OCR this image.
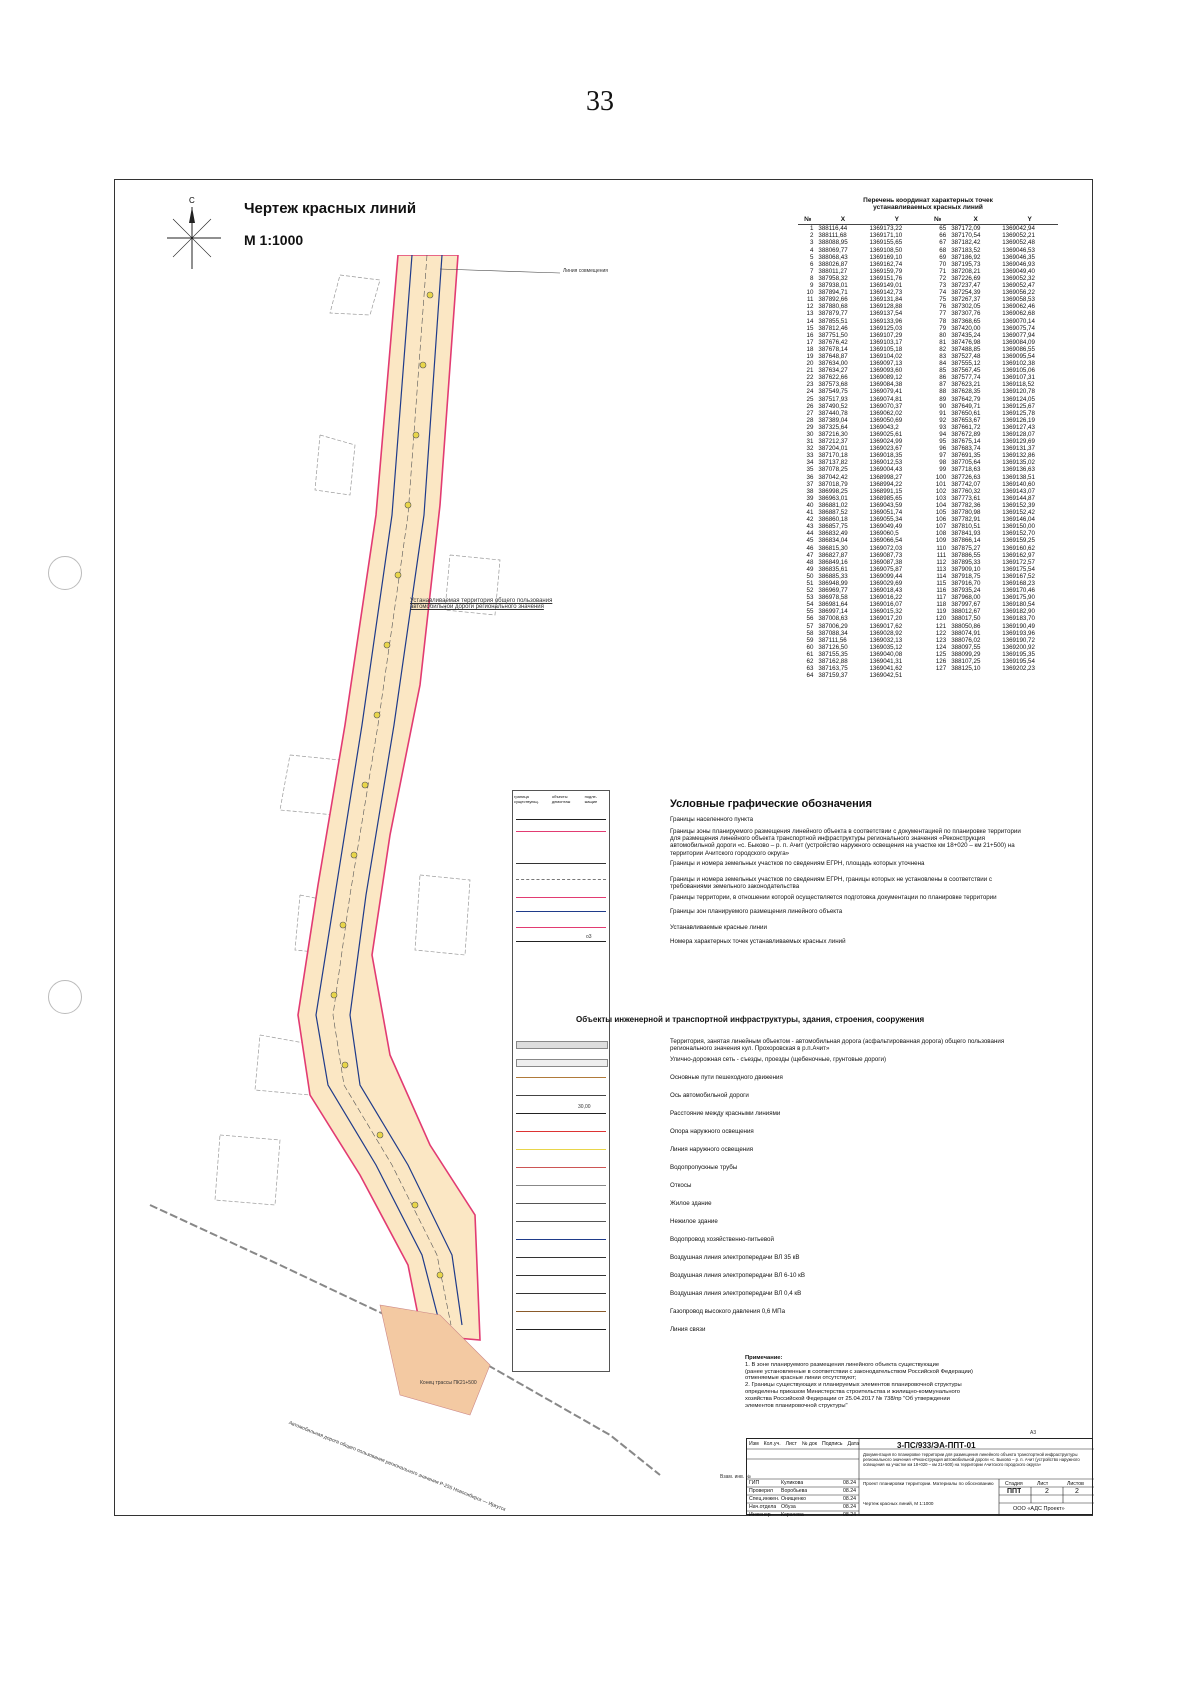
33
С	Чертеж красных линий
М 1:1000
Линия совмещения
Устанавливаемая территория общего пользования автомобильной дороги регионального значения
Конец трассы ПК21+500
Автомобильная дорога общего пользования регионального значения Р-255 Новосибирск — Иркутск
Перечень координат характерных точек
устанавливаемых красных линий
№	X	Y	№	X	Y
1	388116,44	1369173,22	65	387172,09	1369042,94
2	388111,68	1369171,10	66	387170,54	1369052,21
3	388088,95	1369155,65	67	387182,42	1369052,48
4	388069,77	1369108,50	68	387183,52	1369046,53
5	388068,43	1369169,10	69	387186,92	1369046,35
6	388026,87	1369162,74	70	387195,73	1369046,93
7	388011,27	1369159,79	71	387208,21	1369049,40
8	387958,32	1369151,76	72	387226,69	1369052,32
9	387938,01	1369149,01	73	387237,47	1369052,47
10	387894,71	1369142,73	74	387254,39	1369056,22
11	387892,66	1369131,84	75	387267,37	1369058,53
12	387880,68	1369128,88	76	387302,05	1369062,46
13	387879,77	1369137,54	77	387307,76	1369062,68
14	387855,51	1369133,96	78	387368,65	1369070,14
15	387812,46	1369125,03	79	387420,00	1369075,74
16	387751,50	1369107,29	80	387435,24	1369077,94
17	387676,42	1369103,17	81	387476,98	1369084,09
18	387678,14	1369105,18	82	387488,85	1369086,55
19	387648,87	1369104,02	83	387527,48	1369095,54
20	387634,00	1369097,13	84	387555,12	1369102,38
21	387634,27	1369093,60	85	387567,45	1369105,06
22	387622,66	1369089,12	86	387577,74	1369107,31
23	387573,68	1369084,38	87	387623,21	1369118,52
24	387549,75	1369079,41	88	387628,35	1369120,78
25	387517,93	1369074,81	89	387642,79	1369124,05
26	387490,52	1369070,37	90	387649,71	1369125,67
27	387440,78	1369062,02	91	387650,61	1369125,78
28	387389,04	1369050,69	92	387653,67	1369126,19
29	387325,64	1369043,2	93	387661,72	1369127,43
30	387216,30	1369025,61	94	387672,89	1369128,07
31	387212,37	1369024,99	95	387675,14	1369129,69
32	387204,01	1369023,67	96	387683,74	1369131,37
33	387170,18	1369018,35	97	387691,35	1369132,86
34	387137,82	1369012,53	98	387705,64	1369135,02
35	387078,25	1369004,43	99	387718,63	1369136,63
36	387042,42	1368998,27	100	387726,63	1369138,51
37	387018,79	1368994,22	101	387742,07	1369140,60
38	386998,25	1368991,15	102	387760,32	1369143,07
39	386963,01	1368985,65	103	387773,61	1369144,87
40	386881,02	1369043,59	104	387782,36	1369152,39
41	386887,52	1369051,74	105	387780,98	1369152,42
42	386860,18	1369055,34	106	387782,91	1369146,04
43	386857,75	1369049,49	107	387810,51	1369150,00
44	386832,49	1369060,5	108	387841,93	1369152,70
45	386834,04	1369066,54	109	387866,14	1369159,25
46	386815,30	1369072,03	110	387875,27	1369160,62
47	386827,87	1369087,73	111	387886,55	1369162,97
48	386849,16	1369087,38	112	387895,33	1369172,57
49	386835,61	1369075,87	113	387909,10	1369175,54
50	386885,33	1369099,44	114	387918,75	1369167,52
51	386948,99	1369029,69	115	387916,70	1369168,23
52	386969,77	1369018,43	116	387935,24	1369170,46
53	386978,58	1369016,22	117	387968,00	1369175,90
54	386981,64	1369016,07	118	387997,67	1369180,54
55	386997,14	1369015,32	119	388012,67	1369182,90
56	387008,63	1369017,20	120	388017,50	1369183,70
57	387006,29	1369017,62	121	388050,86	1369190,49
58	387088,34	1369028,92	122	388074,91	1369193,96
59	387111,56	1369032,13	123	388076,02	1369190,72
60	387126,50	1369035,12	124	388097,55	1369200,92
61	387155,35	1369040,08	125	388099,29	1369195,35
62	387162,88	1369041,31	126	388107,25	1369195,54
63	387163,75	1369041,62	127	388125,10	1369202,23
64	387159,37	1369042,51			
Условные графические обозначения
граница существующ.
объекты демонтаж
подле-жащие
Границы населенного пункта
Границы зоны планируемого размещения линейного объекта в соответствии с документацией по планировке территории для размещения линейного объекта транспортной инфраструктуры регионального значения «Реконструкция автомобильной дороги «с. Быково – р. п. Ачит (устройство наружного освещения на участке км 18+020 – км 21+500) на территории Ачитского городского округа»
Границы и номера земельных участков по сведениям ЕГРН, площадь которых уточнена
Границы и номера земельных участков по сведениям ЕГРН, границы которых не установлены в соответствии с требованиями земельного законодательства
Границы территории, в отношении которой осуществляется подготовка документации по планировке территории
Границы зон планируемого размещения линейного объекта
Устанавливаемые красные линии
Номера характерных точек устанавливаемых красных линий
о3
Объекты инженерной и транспортной инфраструктуры, здания, строения, сооружения
Территория, занятая линейным объектом - автомобильная дорога (асфальтированная дорога) общего пользования регионального значения кул. Прохоровская в р.п.Ачит»
Улично-дорожная сеть - съезды, проезды (щебеночные, грунтовые дороги)
Основные пути пешеходного движения
Ось автомобильной дороги
Расстояние между красными линиями
Опора наружного освещения
Линия наружного освещения
Водопропускные трубы
Откосы
Жилое здание
Нежилое здание
Водопровод хозяйственно-питьевой
Воздушная линия электропередачи ВЛ 35 кВ
Воздушная линия электропередачи ВЛ 6-10 кВ
Воздушная линия электропередачи ВЛ 0,4 кВ
Газопровод высокого давления 0,6 МПа
Линия связи
30,00
Примечание:
1. В зоне планируемого размещения линейного объекта существующие
(ранее установленные в соответствии с законодательством Российской Федерации)
отменяемые красные линии отсутствуют;
2. Границы существующих и планируемых элементов планировочной структуры
определены приказом Министерства строительства и жилищно-коммунального
хозяйства Российской Федерации от 25.04.2017 № 738/пр "Об утверждении
элементов планировочной структуры"
Изм Кол.уч. Лист № док Подпись Дата	3-ПС/933/ЭА-ППТ-01
Документация по планировке территории для размещения линейного объекта транспортной инфраструктуры регионального значения «Реконструкция автомобильной дороги «с. Быково – р. п. Ачит (устройство наружного освещения на участке км 18+020 – км 21+500) на территории Ачитского городского округа»
ГИП	Куликова	08.24
Проверил Воробьева	08.24
Спец.инжен. Онищенко	08.24
Нач.отдела Обуза	08.24
Инженер Карачева	08.24
Проект планировки территории. Материалы по обоснованию
Чертеж красных линий, М 1:1000
Стадия	Лист	Листов
ППТ	2	2
ООО «АДС Проект»
А3
Взам. инв. №
